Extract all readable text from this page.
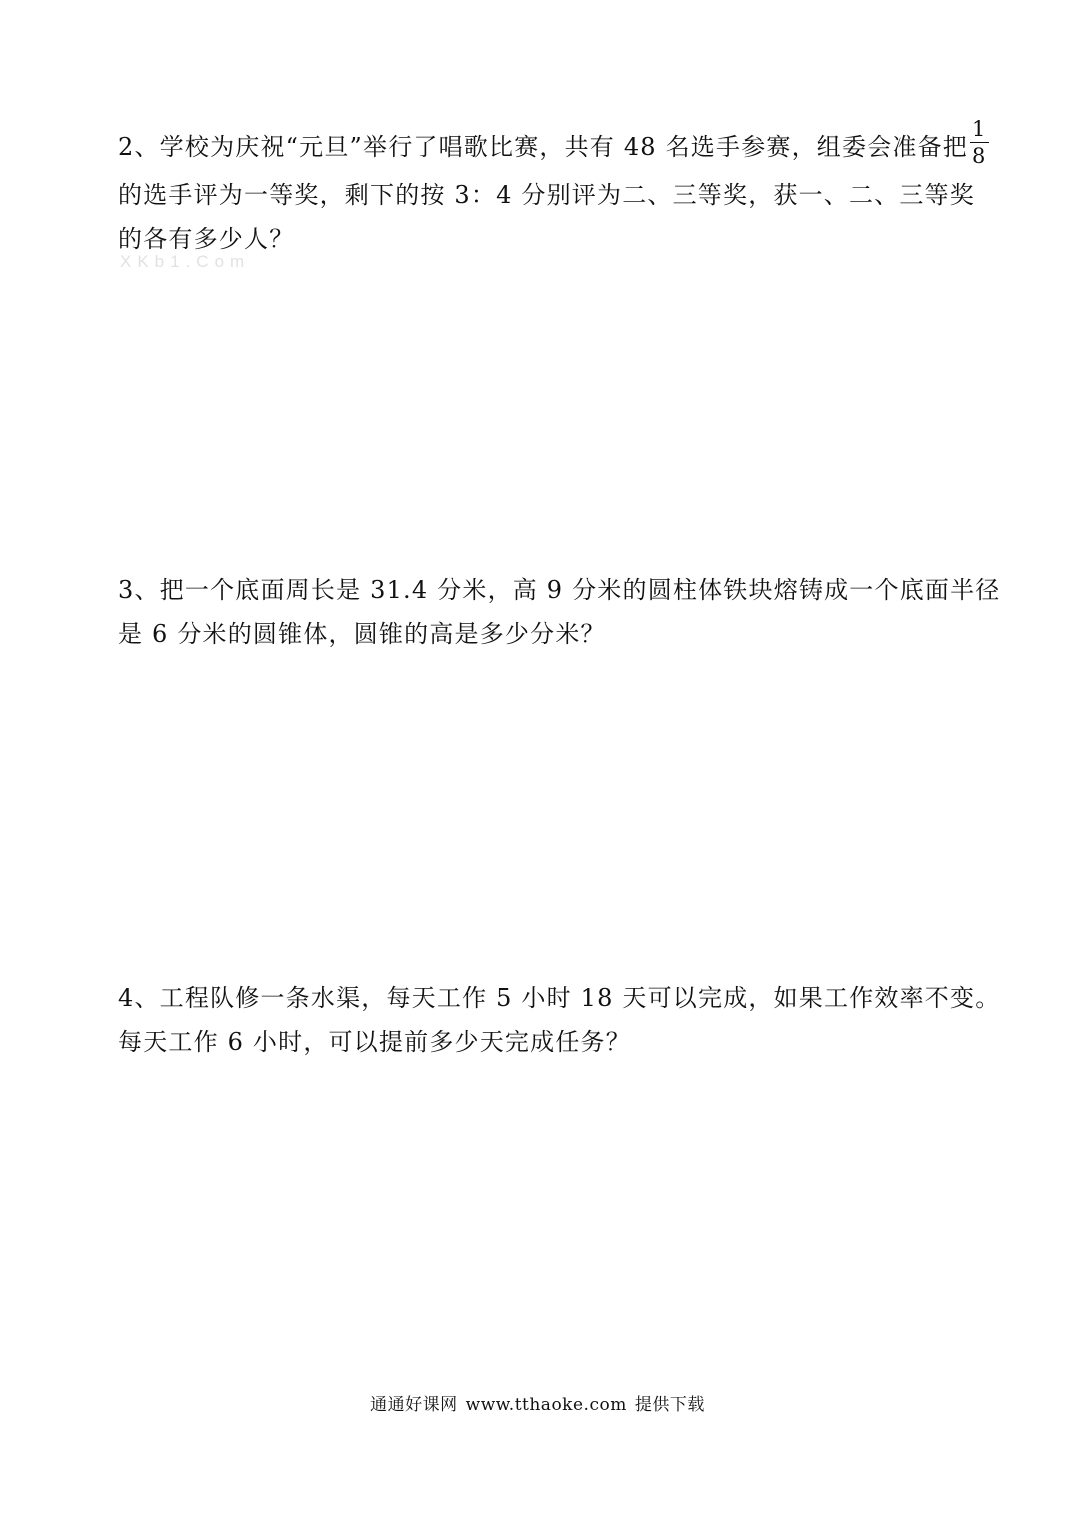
2、学校为庆祝“元旦”举行了唱歌比赛，共有 48 名选手参赛，组委会准备把 $\frac{1}{8}$
的选手评为一等奖，剩下的按 3：4 分别评为二、三等奖，获一、二、三等奖
的各有多少人？
XKb1.Com
3、把一个底面周长是 31.4 分米，高 9 分米的圆柱体铁块熔铸成一个底面半径
是 6 分米的圆锥体，圆锥的高是多少分米？
4、工程队修一条水渠，每天工作 5 小时 18 天可以完成，如果工作效率不变。
每天工作 6 小时，可以提前多少天完成任务？
通通好课网 www.tthaoke.com 提供下载
